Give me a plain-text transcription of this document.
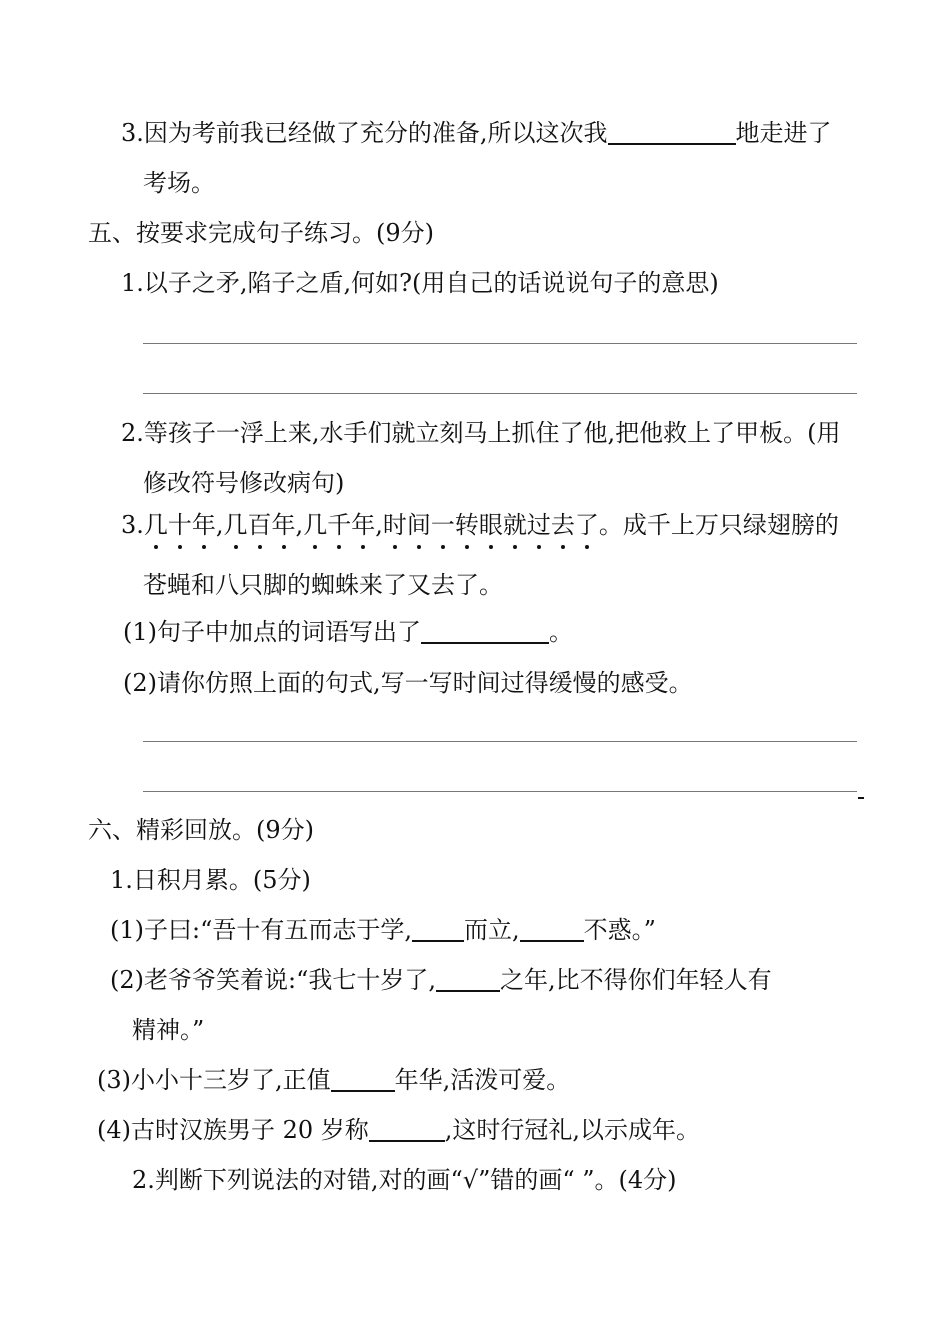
3.因为考前我已经做了充分的准备,所以这次我	地走进了
考场。
五、按要求完成句子练习。(9分)
1.以子之矛,陷子之盾,何如?(用自己的话说说句子的意思)
2.等孩子一浮上来,水手们就立刻马上抓住了他,把他救上了甲板。(用
修改符号修改病句)
3.几十年,几百年,几千年,时间一转眼就过去了。成千上万只绿翅膀的
苍蝇和八只脚的蜘蛛来了又去了。
(1)句子中加点的词语写出了	。
(2)请你仿照上面的句式,写一写时间过得缓慢的感受。
六、精彩回放。(9分)
1.日积月累。(5分)
(1)子曰:“吾十有五而志于学, 而立,	不惑。”
(2)老爷爷笑着说:“我七十岁了,	之年,比不得你们年轻人有
精神。”
(3)小小十三岁了,正值	年华,活泼可爱。
(4)古时汉族男子 20 岁称	,这时行冠礼,以示成年。
2.判断下列说法的对错,对的画“√”错的画“ ”。(4分)
